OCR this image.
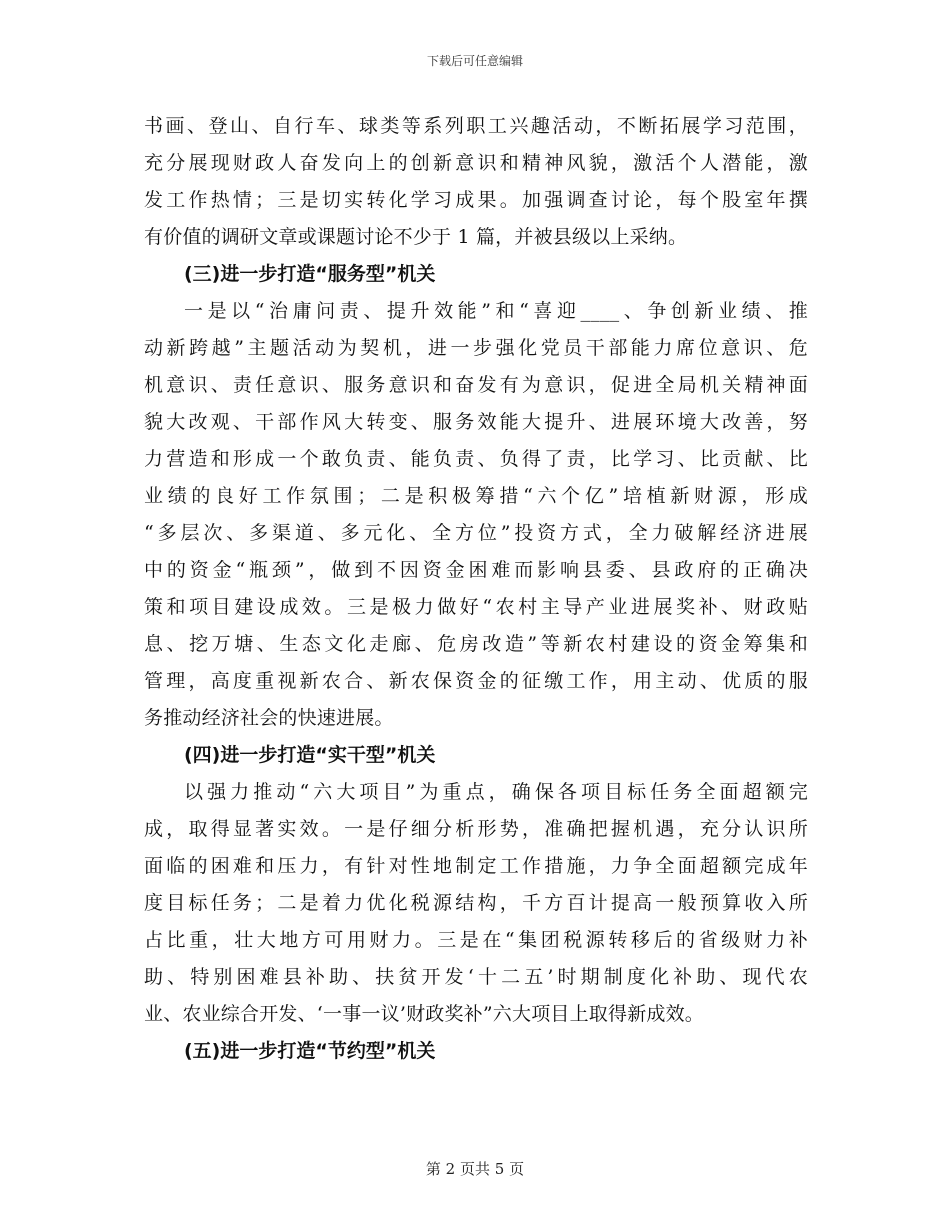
下载后可任意编辑
书画、登山、自行车、球类等系列职工兴趣活动，不断拓展学习范围，
充分展现财政人奋发向上的创新意识和精神风貌，激活个人潜能，激
发工作热情；三是切实转化学习成果。加强调查讨论，每个股室年撰
有价值的调研文章或课题讨论不少于 1 篇，并被县级以上采纳。
(三)进一步打造“服务型”机关
一是以“治庸问责、提升效能”和“喜迎____、争创新业绩、推
动新跨越”主题活动为契机，进一步强化党员干部能力席位意识、危
机意识、责任意识、服务意识和奋发有为意识，促进全局机关精神面
貌大改观、干部作风大转变、服务效能大提升、进展环境大改善，努
力营造和形成一个敢负责、能负责、负得了责，比学习、比贡献、比
业绩的良好工作氛围；二是积极筹措“六个亿”培植新财源，形成
“多层次、多渠道、多元化、全方位”投资方式，全力破解经济进展
中的资金“瓶颈”，做到不因资金困难而影响县委、县政府的正确决
策和项目建设成效。三是极力做好“农村主导产业进展奖补、财政贴
息、挖万塘、生态文化走廊、危房改造”等新农村建设的资金筹集和
管理，高度重视新农合、新农保资金的征缴工作，用主动、优质的服
务推动经济社会的快速进展。
(四)进一步打造“实干型”机关
以强力推动“六大项目”为重点，确保各项目标任务全面超额完
成，取得显著实效。一是仔细分析形势，准确把握机遇，充分认识所
面临的困难和压力，有针对性地制定工作措施，力争全面超额完成年
度目标任务；二是着力优化税源结构，千方百计提高一般预算收入所
占比重，壮大地方可用财力。三是在“集团税源转移后的省级财力补
助、特别困难县补助、扶贫开发‘十二五’时期制度化补助、现代农
业、农业综合开发、‘一事一议’财政奖补”六大项目上取得新成效。
(五)进一步打造“节约型”机关
第 2 页共 5 页
